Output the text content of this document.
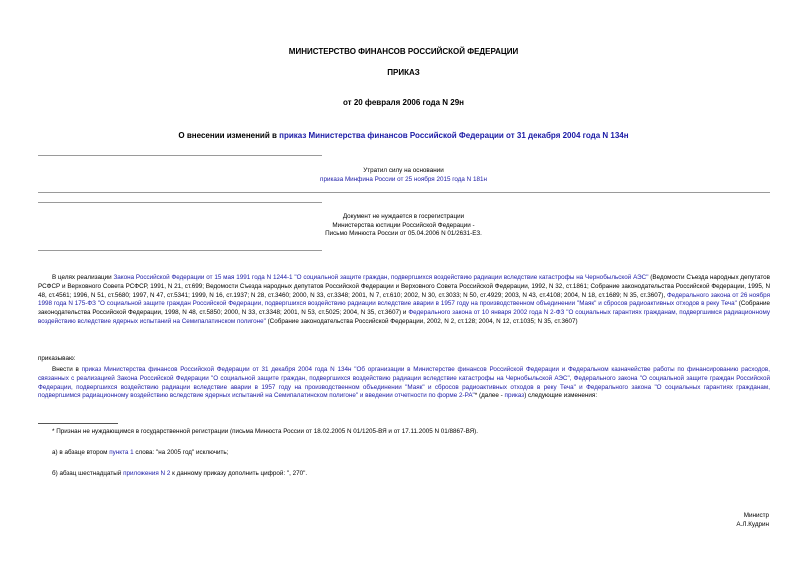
МИНИСТЕРСТВО ФИНАНСОВ РОССИЙСКОЙ ФЕДЕРАЦИИ
ПРИКАЗ
от 20 февраля 2006 года N 29н
О внесении изменений в приказ Министерства финансов Российской Федерации от 31 декабря 2004 года N 134н
Утратил силу на основании
приказа Минфина России от 25 ноября 2015 года N 181н
Документ не нуждается в госрегистрации
Министерства юстиции Российской Федерации -
Письмо Минюста России от 05.04.2006 N 01/2631-ЕЗ.
В целях реализации Закона Российской Федерации от 15 мая 1991 года N 1244-1 "О социальной защите граждан, подвергшихся воздействию радиации вследствие катастрофы на Чернобыльской АЭС" (Ведомости Съезда народных депутатов РСФСР и Верховного Совета РСФСР, 1991, N 21, ст.699; Ведомости Съезда народных депутатов Российской Федерации и Верховного Совета Российской Федерации, 1992, N 32, ст.1861; Собрание законодательства Российской Федерации, 1995, N 48, ст.4561; 1996, N 51, ст.5680; 1997, N 47, ст.5341; 1999, N 16, ст.1937; N 28, ст.3460; 2000, N 33, ст.3348; 2001, N 7, ст.610; 2002, N 30, ст.3033; N 50, ст.4929; 2003, N 43, ст.4108; 2004, N 18, ст.1689; N 35, ст.3607), Федерального закона от 26 ноября 1998 года N 175-ФЗ "О социальной защите граждан Российской Федерации, подвергшихся воздействию радиации вследствие аварии в 1957 году на производственном объединении "Маяк" и сбросов радиоактивных отходов в реку Теча" (Собрание законодательства Российской Федерации, 1998, N 48, ст.5850; 2000, N 33, ст.3348; 2001, N 53, ст.5025; 2004, N 35, ст.3607) и Федерального закона от 10 января 2002 года N 2-ФЗ "О социальных гарантиях гражданам, подвергшимся радиационному воздействию вследствие ядерных испытаний на Семипалатинском полигоне" (Собрание законодательства Российской Федерации, 2002, N 2, ст.128; 2004, N 12, ст.1035; N 35, ст.3607)
приказываю:
Внести в приказ Министерства финансов Российской Федерации от 31 декабря 2004 года N 134н "Об организации в Министерстве финансов Российской Федерации и Федеральном казначействе работы по финансированию расходов, связанных с реализацией Закона Российской Федерации "О социальной защите граждан, подвергшихся воздействию радиации вследствие катастрофы на Чернобыльской АЭС", Федерального закона "О социальной защите граждан Российской Федерации, подвергшихся воздействию радиации вследствие аварии в 1957 году на производственном объединении "Маяк" и сбросов радиоактивных отходов в реку Теча" и Федерального закона "О социальных гарантиях гражданам, подвергшимся радиационному воздействию вследствие ядерных испытаний на Семипалатинском полигоне" и введении отчетности по форме 2-РА"* (далее - приказ) следующие изменения:
* Признан не нуждающимся в государственной регистрации (письма Минюста России от 18.02.2005 N 01/1205-ВЯ и от 17.11.2005 N 01/8867-ВЯ).
а) в абзаце втором пункта 1 слова: "на 2005 год" исключить;
б) абзац шестнадцатый приложения N 2 к данному приказу дополнить цифрой: ", 270".
Министр
А.Л.Кудрин
